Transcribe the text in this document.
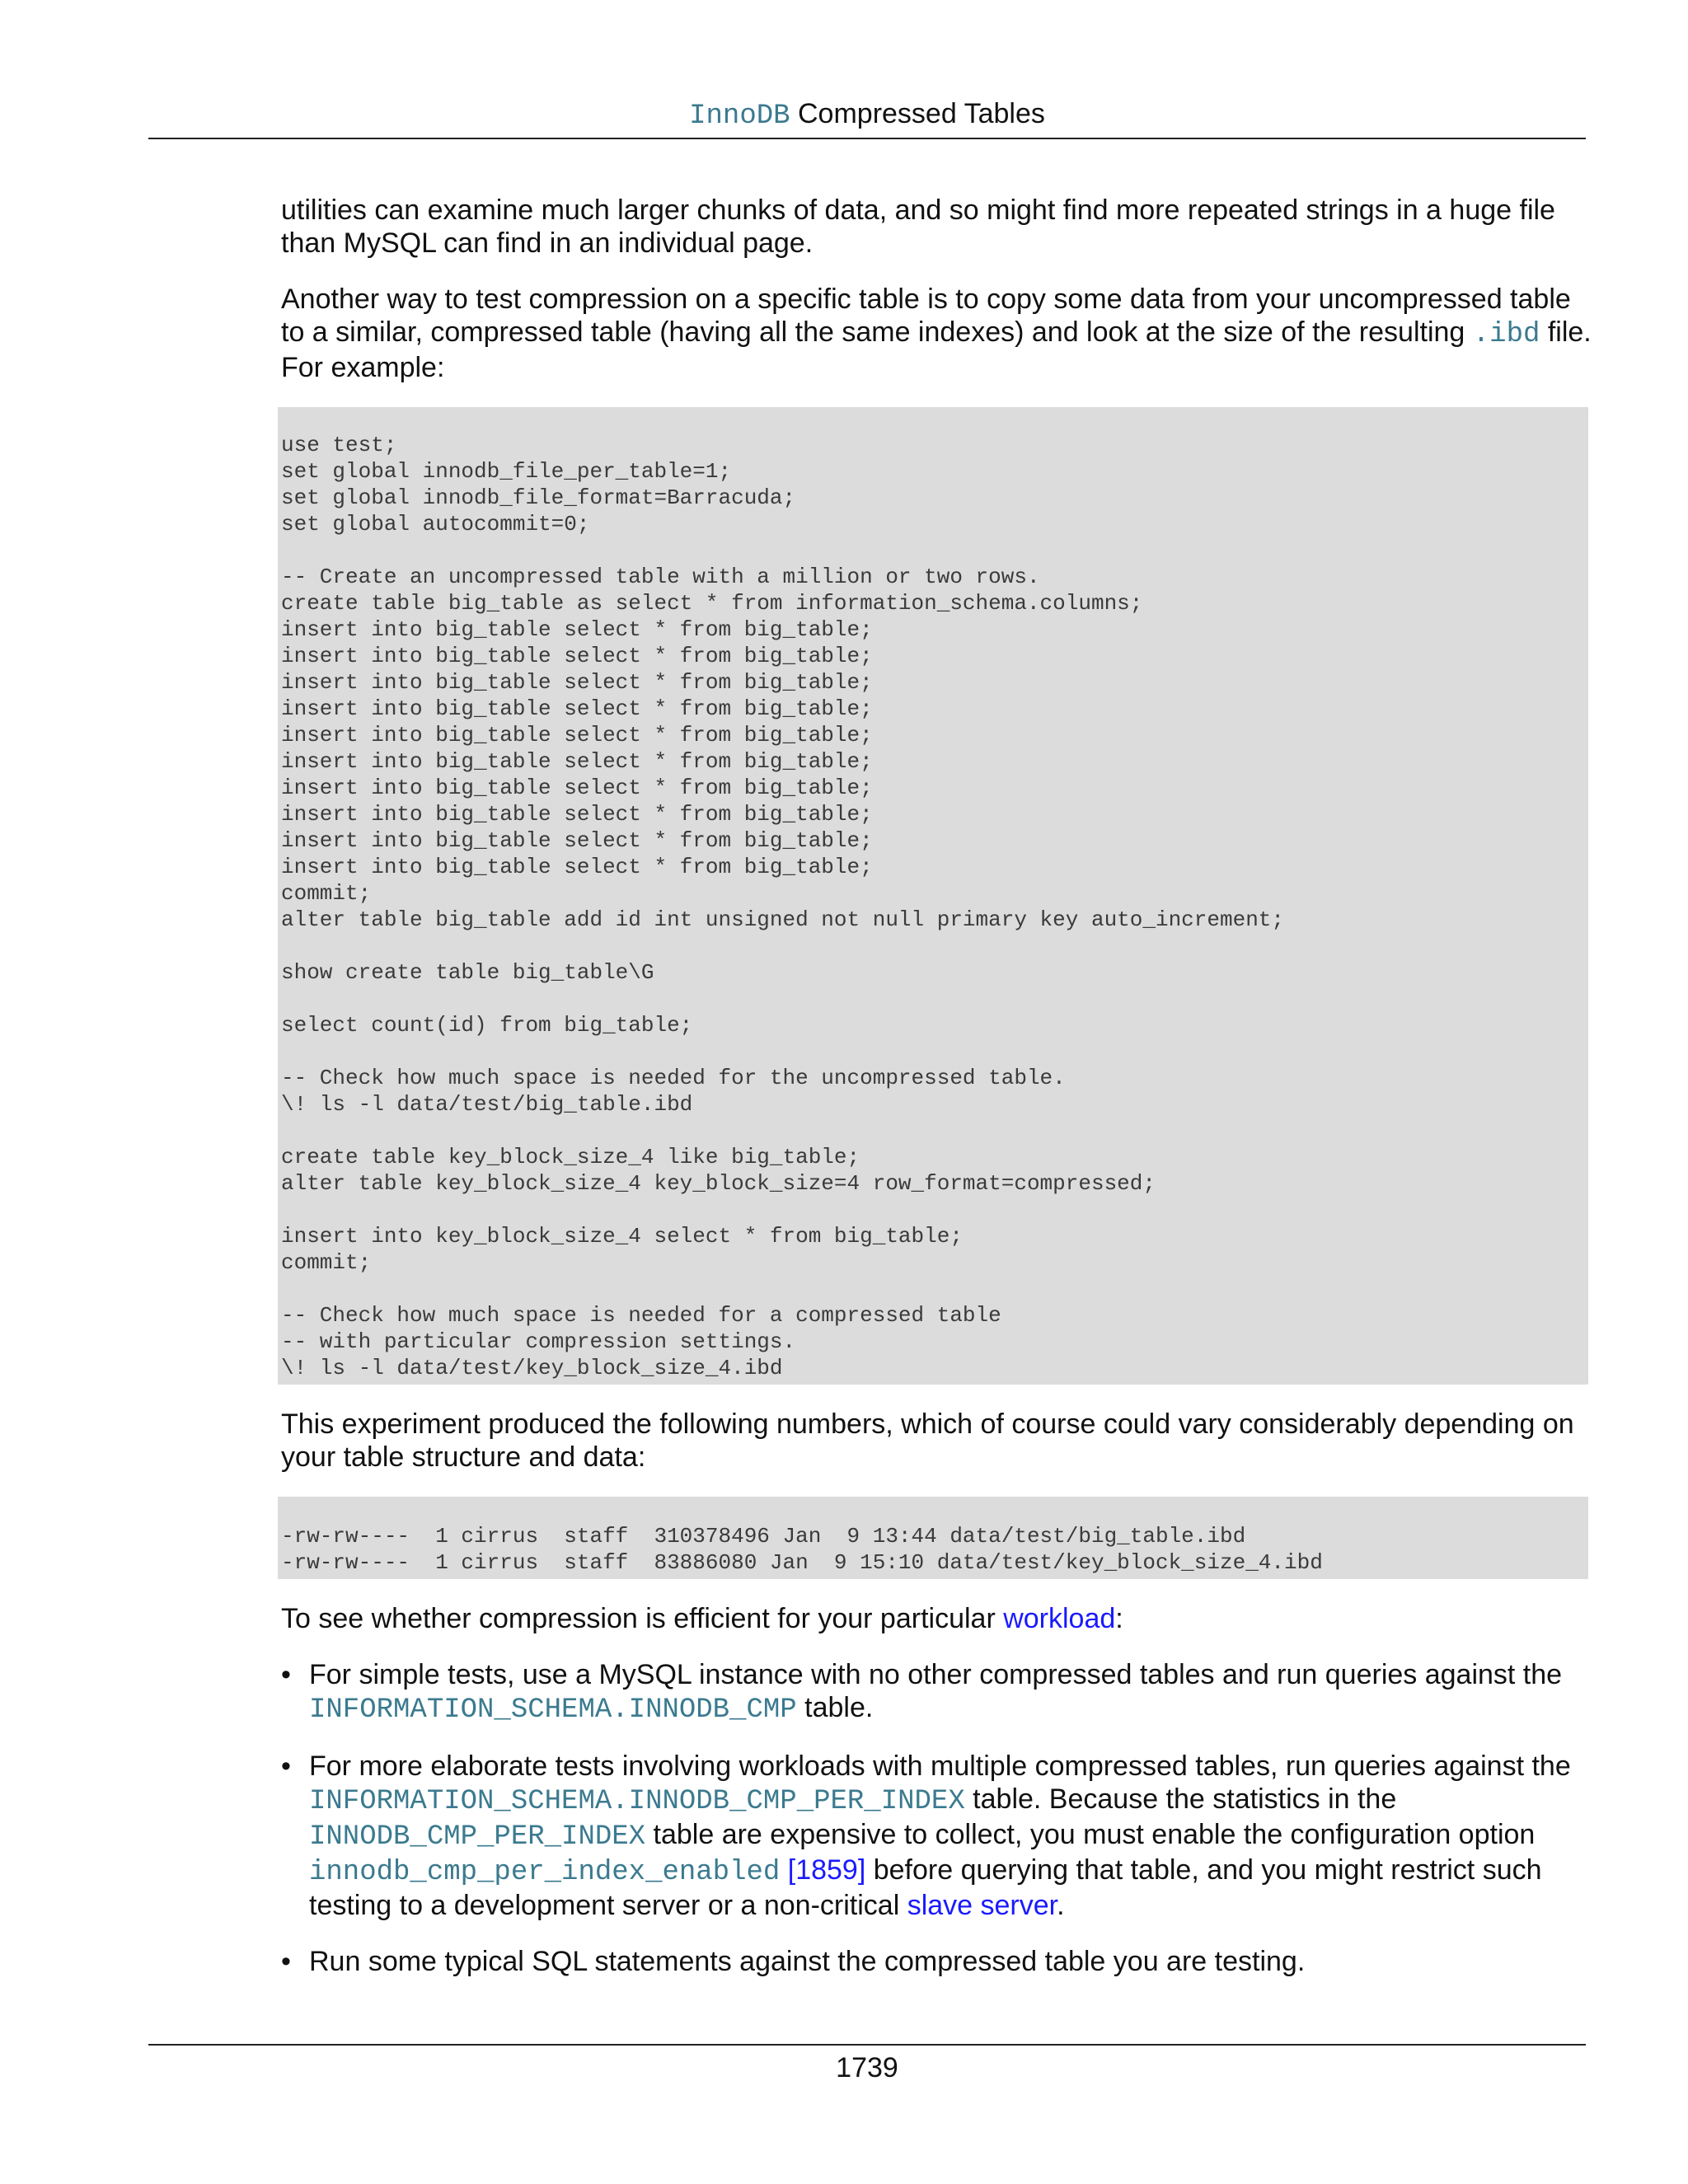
InnoDB Compressed Tables

utilities can examine much larger chunks of data, and so might find more repeated strings in a huge file than MySQL can find in an individual page.

Another way to test compression on a specific table is to copy some data from your uncompressed table to a similar, compressed table (having all the same indexes) and look at the size of the resulting .ibd file. For example:

use test;
set global innodb_file_per_table=1;
set global innodb_file_format=Barracuda;
set global autocommit=0;

-- Create an uncompressed table with a million or two rows.
create table big_table as select * from information_schema.columns;
insert into big_table select * from big_table;
insert into big_table select * from big_table;
insert into big_table select * from big_table;
insert into big_table select * from big_table;
insert into big_table select * from big_table;
insert into big_table select * from big_table;
insert into big_table select * from big_table;
insert into big_table select * from big_table;
insert into big_table select * from big_table;
insert into big_table select * from big_table;
commit;
alter table big_table add id int unsigned not null primary key auto_increment;

show create table big_table\G

select count(id) from big_table;

-- Check how much space is needed for the uncompressed table.
\! ls -l data/test/big_table.ibd

create table key_block_size_4 like big_table;
alter table key_block_size_4 key_block_size=4 row_format=compressed;

insert into key_block_size_4 select * from big_table;
commit;

-- Check how much space is needed for a compressed table
-- with particular compression settings.
\! ls -l data/test/key_block_size_4.ibd

This experiment produced the following numbers, which of course could vary considerably depending on your table structure and data:

-rw-rw----  1 cirrus  staff  310378496 Jan  9 13:44 data/test/big_table.ibd
-rw-rw----  1 cirrus  staff  83886080 Jan  9 15:10 data/test/key_block_size_4.ibd

To see whether compression is efficient for your particular workload:

• For simple tests, use a MySQL instance with no other compressed tables and run queries against the INFORMATION_SCHEMA.INNODB_CMP table.
• For more elaborate tests involving workloads with multiple compressed tables, run queries against the INFORMATION_SCHEMA.INNODB_CMP_PER_INDEX table. Because the statistics in the INNODB_CMP_PER_INDEX table are expensive to collect, you must enable the configuration option innodb_cmp_per_index_enabled [1859] before querying that table, and you might restrict such testing to a development server or a non-critical slave server.
• Run some typical SQL statements against the compressed table you are testing.
1739
